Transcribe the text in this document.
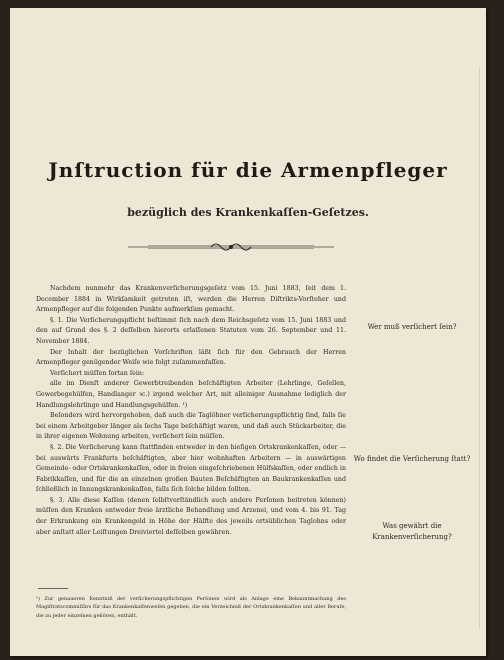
Jnſtruction für die Armenpfleger
bezüglich des Krankenkaſſen-Geſetzes.

Nachdem nunmehr das Krankenverſicherungsgeſetz vom 15. Juni 1883, ſeit dem 1. December 1884 in Wirkſamkeit getreten iſt, werden die Herren Diſtrikts-Vorſteher und Armenpfleger auf die folgenden Punkte aufmerkſam gemacht.

§. 1. Die Verſicherungspflicht beſtimmt ſich nach dem Reichsgeſetz vom 15. Juni 1883 und den auf Grund des §. 2 deſſelben hierorts erlaſſenen Statuten vom 26. September und 11. November 1884.

Der Inhalt der bezüglichen Vorſchriften läßt ſich für den Gebrauch der Herren Armenpfleger genügender Weiſe wie folgt zuſammenfaſſen.

Verſichert müſſen fortan ſein:

alle im Dienſt anderer Gewerbtreibenden beſchäftigten Arbeiter (Lehrlinge, Geſellen, Gewerbegehülfen, Handlanger ꝛc.) irgend welcher Art, mit alleiniger Ausnahme lediglich der Handlungslehrlinge und Handlungsgehülfen. ¹)

Beſonders wird hervorgehoben, daß auch die Taglöhner verſicherungspflichtig ſind, falls ſie bei einem Arbeitgeber länger als ſechs Tage beſchäftigt waren, und daß auch Stückarbeiter, die in ihrer eigenen Wohnung arbeiten, verſichert ſein müſſen.

§. 2. Die Verſicherung kann ſtattfinden entweder in den hieſigen Ortskrankenkaſſen, oder — bei auswärts Frankfurts beſchäftigten, aber hier wohnhaften Arbeitern — in auswärtigen Gemeinde- oder Ortskrankenkaſſen, oder in freien eingeſchriebenen Hülfskaſſen, oder endlich in Fabrikkaſſen, und für die an einzelnen großen Bauten Beſchäftigten an Baukrankenkaſſen und ſchließlich in Innungskrankenkaſſen, falls ſich ſolche bilden ſollten.

§. 3. Alle diese Kaſſen (denen ſelbſtverſtändlich auch andere Perſonen beitreten können) müſſen den Kranken entweder freie ärztliche Behandlung und Arzenei, und vom 4. bis 91. Tag der Erkrankung ein Krankengeld in Höhe der Hälfte des jeweils ortsüblichen Taglohns oder aber anſtatt aller Leiſtungen Dreiviertel deſſelben gewähren.

Wer muß verſichert ſein?
Wo findet die Verſicherung ſtatt?
Was gewährt die Krankenverſicherung?
¹) Zur genaueren Kenntniß der verſicherungspflichtigen Perſonen wird als Anlage eine Bekanntmachung des Magiſtratscommiſſärs für das Krankenkaſſenweſen gegeben, die ein Verzeichniß der Ortskrankenkaſſen und aller Berufe, die zu jeder einzelnen gehören, enthält.
